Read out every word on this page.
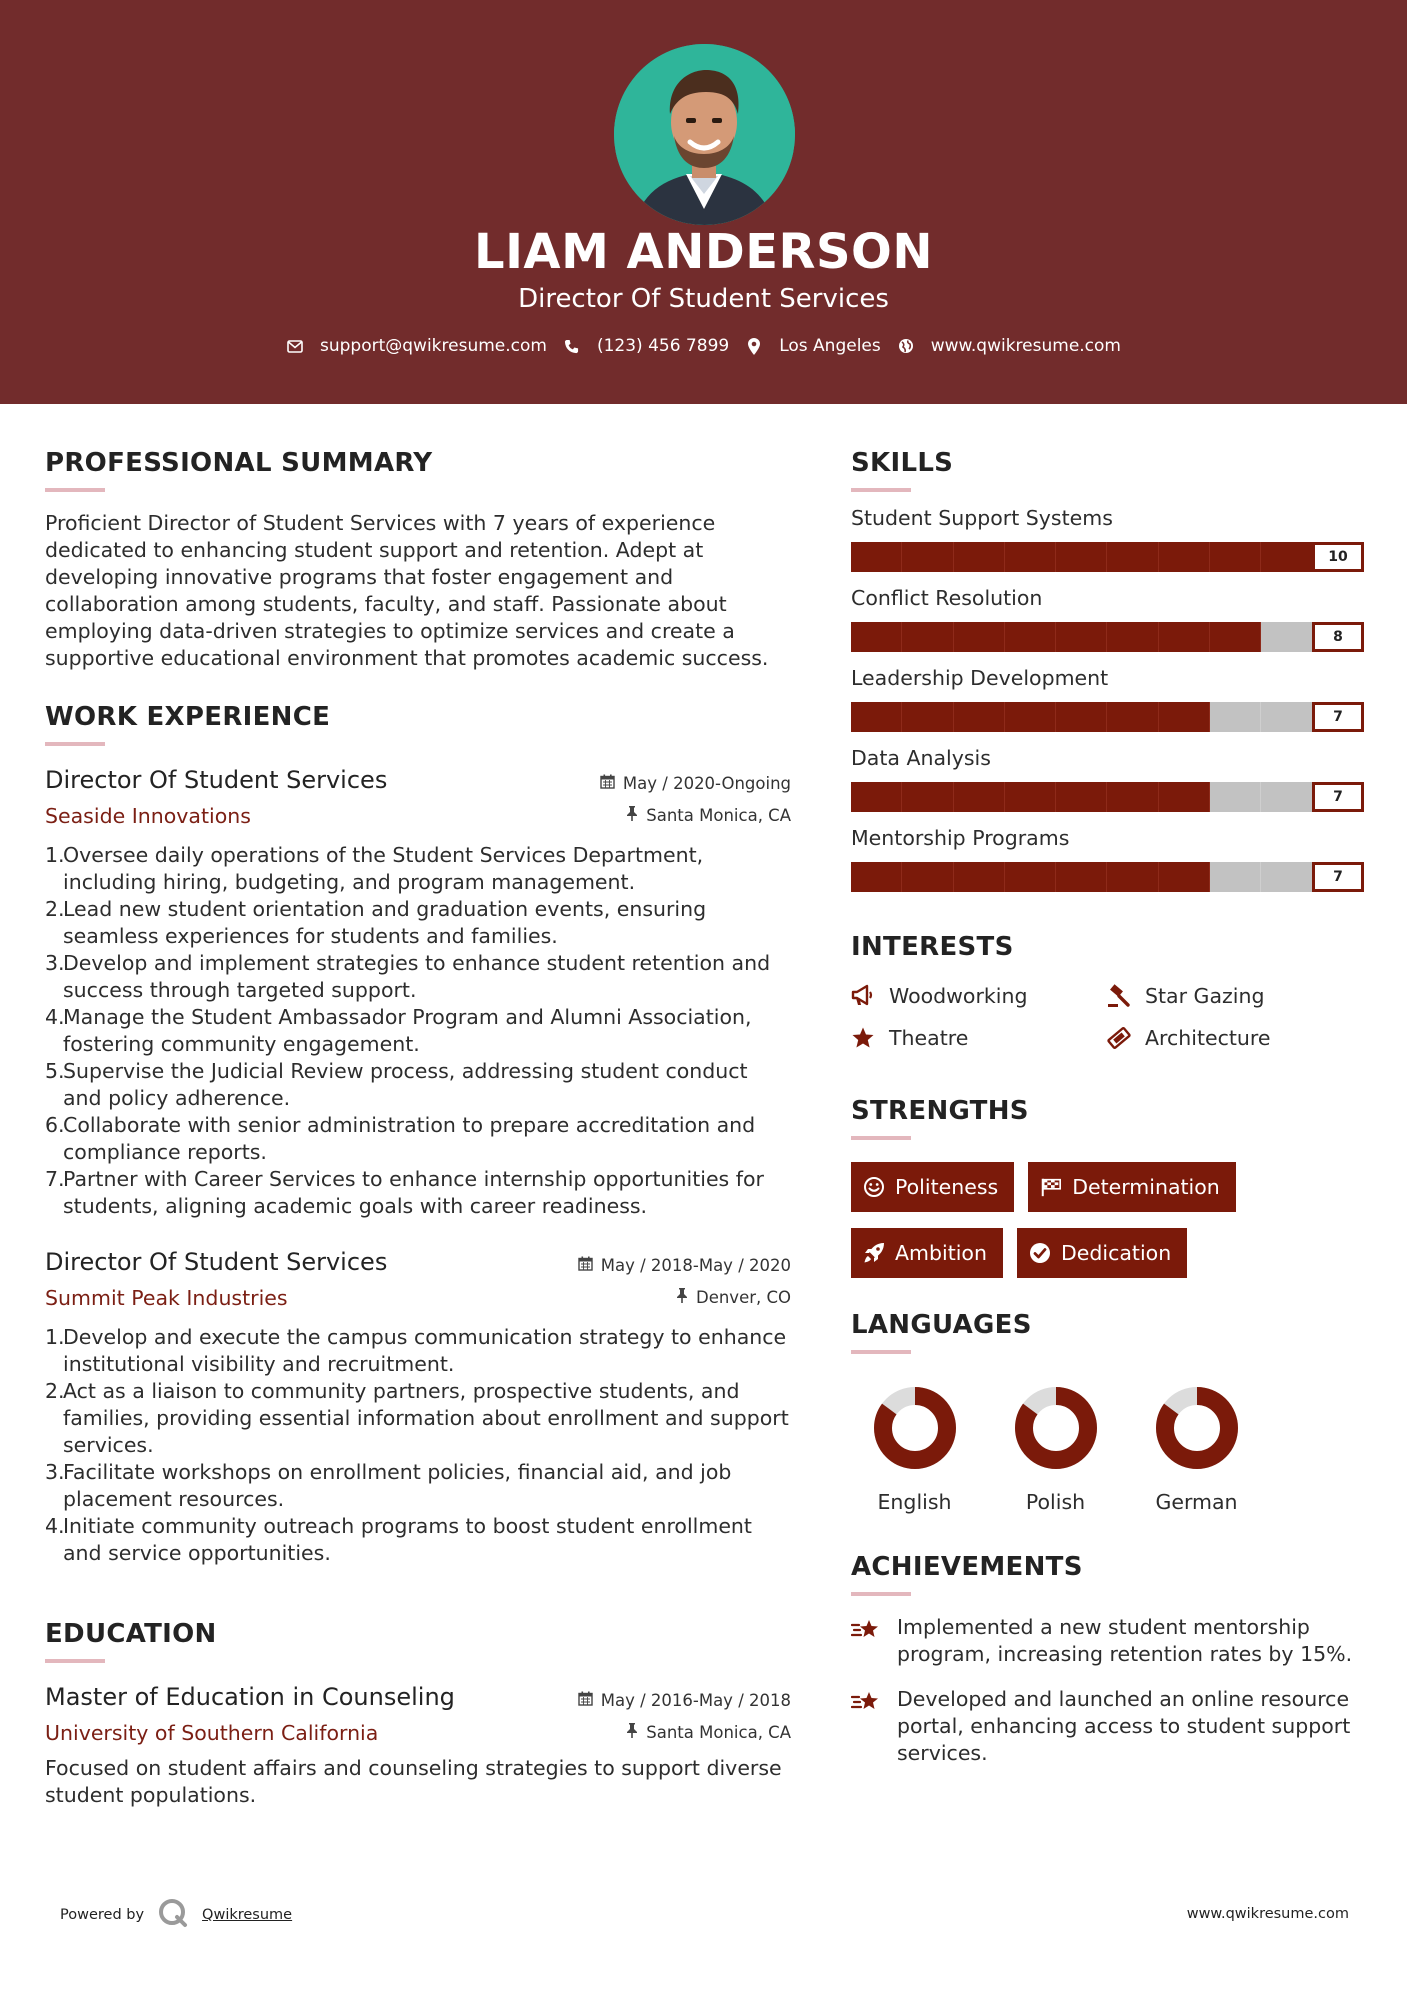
LIAM ANDERSON
Director Of Student Services
support@qwikresume.com	(123) 456 7899	Los Angeles	www.qwikresume.com
PROFESSIONAL SUMMARY
Proficient Director of Student Services with 7 years of experience dedicated to enhancing student support and retention. Adept at developing innovative programs that foster engagement and collaboration among students, faculty, and staff. Passionate about employing data-driven strategies to optimize services and create a supportive educational environment that promotes academic success.
WORK EXPERIENCE
Director Of Student Services
Seaside Innovations
May / 2020-Ongoing
Santa Monica, CA
1.
Oversee daily operations of the Student Services Department, including hiring, budgeting, and program management.
2.
Lead new student orientation and graduation events, ensuring seamless experiences for students and families.
3.
Develop and implement strategies to enhance student retention and success through targeted support.
4.
Manage the Student Ambassador Program and Alumni Association, fostering community engagement.
5.
Supervise the Judicial Review process, addressing student conduct and policy adherence.
6.
Collaborate with senior administration to prepare accreditation and compliance reports.
7.
Partner with Career Services to enhance internship opportunities for students, aligning academic goals with career readiness.
Director Of Student Services
Summit Peak Industries
May / 2018-May / 2020
Denver, CO
1.
Develop and execute the campus communication strategy to enhance institutional visibility and recruitment.
2.
Act as a liaison to community partners, prospective students, and families, providing essential information about enrollment and support services.
3.
Facilitate workshops on enrollment policies, financial aid, and job placement resources.
4.
Initiate community outreach programs to boost student enrollment and service opportunities.
EDUCATION
Master of Education in Counseling
University of Southern California
May / 2016-May / 2018
Santa Monica, CA
Focused on student affairs and counseling strategies to support diverse student populations.
SKILLS
Student Support Systems
10
Conflict Resolution
8
Leadership Development
7
Data Analysis
7
Mentorship Programs
7
INTERESTS
Woodworking	Star Gazing
Theatre	Architecture
STRENGTHS
Politeness	Determination
Ambition	Dedication
LANGUAGES
English	Polish	German
ACHIEVEMENTS
Implemented a new student mentorship program, increasing retention rates by 15%.
Developed and launched an online resource portal, enhancing access to student support services.
Powered by	Qwikresume	www.qwikresume.com
